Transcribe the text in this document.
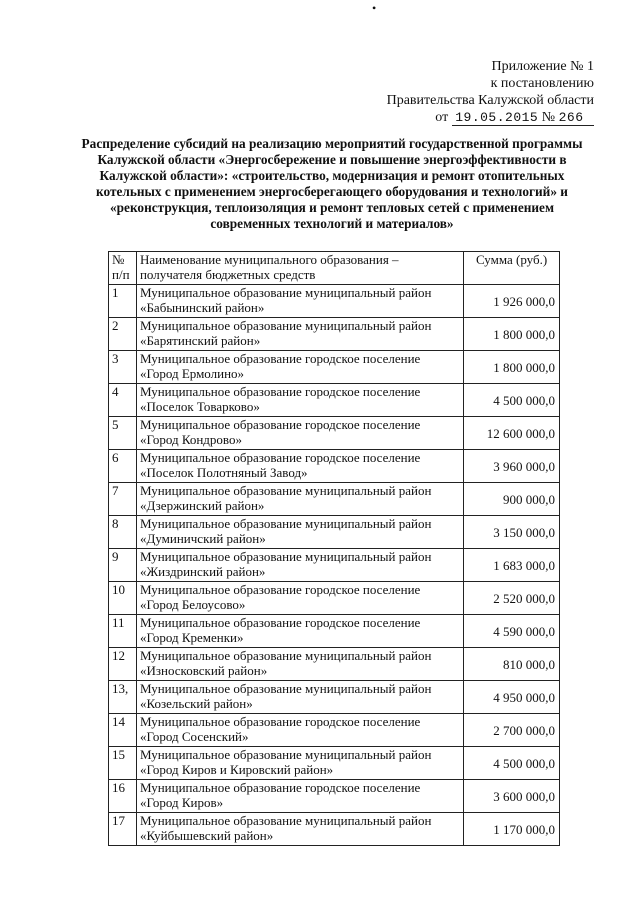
•
Приложение № 1
к постановлению
Правительства Калужской области
от 19.05.2015 № 266
Распределение субсидий на реализацию мероприятий государственной программы Калужской области «Энергосбережение и повышение энергоэффективности в Калужской области»: «строительство, модернизация и ремонт отопительных котельных с применением энергосберегающего оборудования и технологий» и «реконструкция, теплоизоляция и ремонт тепловых сетей с применением современных технологий и материалов»
№ п/п	Наименование муниципального образования – получателя бюджетных средств	Сумма (руб.)
1	Муниципальное образование муниципальный район «Бабынинский район»	1 926 000,0
2	Муниципальное образование муниципальный район «Барятинский район»	1 800 000,0
3	Муниципальное образование городское поселение «Город Ермолино»	1 800 000,0
4	Муниципальное образование городское поселение «Поселок Товарково»	4 500 000,0
5	Муниципальное образование городское поселение «Город Кондрово»	12 600 000,0
6	Муниципальное образование городское поселение «Поселок Полотняный Завод»	3 960 000,0
7	Муниципальное образование муниципальный район «Дзержинский район»	900 000,0
8	Муниципальное образование муниципальный район «Думиничский район»	3 150 000,0
9	Муниципальное образование муниципальный район «Жиздринский район»	1 683 000,0
10	Муниципальное образование городское поселение «Город Белоусово»	2 520 000,0
11	Муниципальное образование городское поселение «Город Кременки»	4 590 000,0
12	Муниципальное образование муниципальный район «Износковский район»	810 000,0
13,	Муниципальное образование муниципальный район «Козельский район»	4 950 000,0
14	Муниципальное образование городское поселение «Город Сосенский»	2 700 000,0
15	Муниципальное образование муниципальный район «Город Киров и Кировский район»	4 500 000,0
16	Муниципальное образование городское поселение «Город Киров»	3 600 000,0
17	Муниципальное образование муниципальный район «Куйбышевский район»	1 170 000,0
